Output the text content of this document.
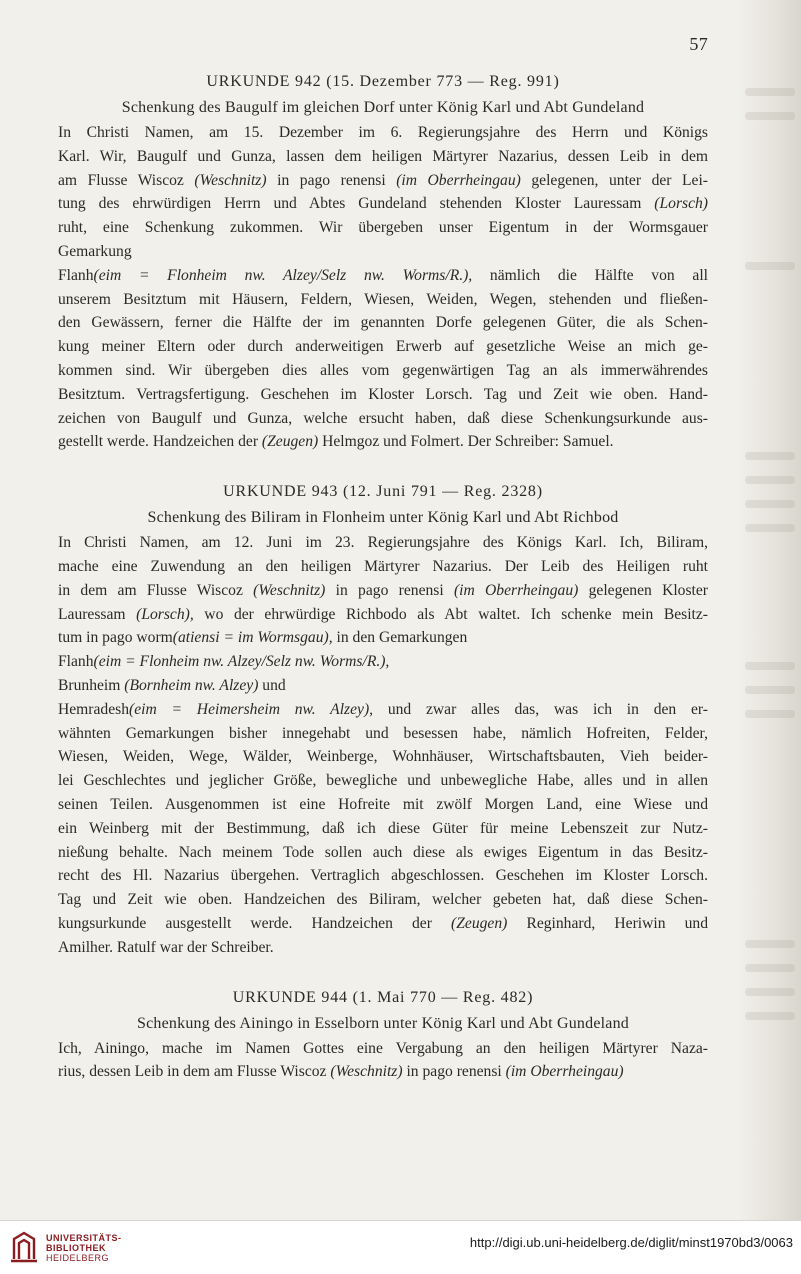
57
URKUNDE 942 (15. Dezember 773 — Reg. 991)
Schenkung des Baugulf im gleichen Dorf unter König Karl und Abt Gundeland
In Christi Namen, am 15. Dezember im 6. Regierungsjahre des Herrn und Königs
Karl. Wir, Baugulf und Gunza, lassen dem heiligen Märtyrer Nazarius, dessen Leib in dem
am Flusse Wiscoz (Weschnitz) in pago renensi (im Oberrheingau) gelegenen, unter der Lei-
tung des ehrwürdigen Herrn und Abtes Gundeland stehenden Kloster Lauressam (Lorsch)
ruht, eine Schenkung zukommen. Wir übergeben unser Eigentum in der Wormsgauer
Gemarkung
Flanh(eim = Flonheim nw. Alzey/Selz nw. Worms/R.), nämlich die Hälfte von all
unserem Besitztum mit Häusern, Feldern, Wiesen, Weiden, Wegen, stehenden und fließen-
den Gewässern, ferner die Hälfte der im genannten Dorfe gelegenen Güter, die als Schen-
kung meiner Eltern oder durch anderweitigen Erwerb auf gesetzliche Weise an mich ge-
kommen sind. Wir übergeben dies alles vom gegenwärtigen Tag an als immerwährendes
Besitztum. Vertragsfertigung. Geschehen im Kloster Lorsch. Tag und Zeit wie oben. Hand-
zeichen von Baugulf und Gunza, welche ersucht haben, daß diese Schenkungsurkunde aus-
gestellt werde. Handzeichen der (Zeugen) Helmgoz und Folmert. Der Schreiber: Samuel.
URKUNDE 943 (12. Juni 791 — Reg. 2328)
Schenkung des Biliram in Flonheim unter König Karl und Abt Richbod
In Christi Namen, am 12. Juni im 23. Regierungsjahre des Königs Karl. Ich, Biliram,
mache eine Zuwendung an den heiligen Märtyrer Nazarius. Der Leib des Heiligen ruht
in dem am Flusse Wiscoz (Weschnitz) in pago renensi (im Oberrheingau) gelegenen Kloster
Lauressam (Lorsch), wo der ehrwürdige Richbodo als Abt waltet. Ich schenke mein Besitz-
tum in pago worm(atiensi = im Wormsgau), in den Gemarkungen
Flanh(eim = Flonheim nw. Alzey/Selz nw. Worms/R.),
Brunheim (Bornheim nw. Alzey) und
Hemradesh(eim = Heimersheim nw. Alzey), und zwar alles das, was ich in den er-
wähnten Gemarkungen bisher innegehabt und besessen habe, nämlich Hofreiten, Felder,
Wiesen, Weiden, Wege, Wälder, Weinberge, Wohnhäuser, Wirtschaftsbauten, Vieh beider-
lei Geschlechtes und jeglicher Größe, bewegliche und unbewegliche Habe, alles und in allen
seinen Teilen. Ausgenommen ist eine Hofreite mit zwölf Morgen Land, eine Wiese und
ein Weinberg mit der Bestimmung, daß ich diese Güter für meine Lebenszeit zur Nutz-
nießung behalte. Nach meinem Tode sollen auch diese als ewiges Eigentum in das Besitz-
recht des Hl. Nazarius übergehen. Vertraglich abgeschlossen. Geschehen im Kloster Lorsch.
Tag und Zeit wie oben. Handzeichen des Biliram, welcher gebeten hat, daß diese Schen-
kungsurkunde ausgestellt werde. Handzeichen der (Zeugen) Reginhard, Heriwin und
Amilher. Ratulf war der Schreiber.
URKUNDE 944 (1. Mai 770 — Reg. 482)
Schenkung des Ainingo in Esselborn unter König Karl und Abt Gundeland
Ich, Ainingo, mache im Namen Gottes eine Vergabung an den heiligen Märtyrer Naza-
rius, dessen Leib in dem am Flusse Wiscoz (Weschnitz) in pago renensi (im Oberrheingau)
UNIVERSITÄTS-
BIBLIOTHEK
HEIDELBERG
http://digi.ub.uni-heidelberg.de/diglit/minst1970bd3/0063
